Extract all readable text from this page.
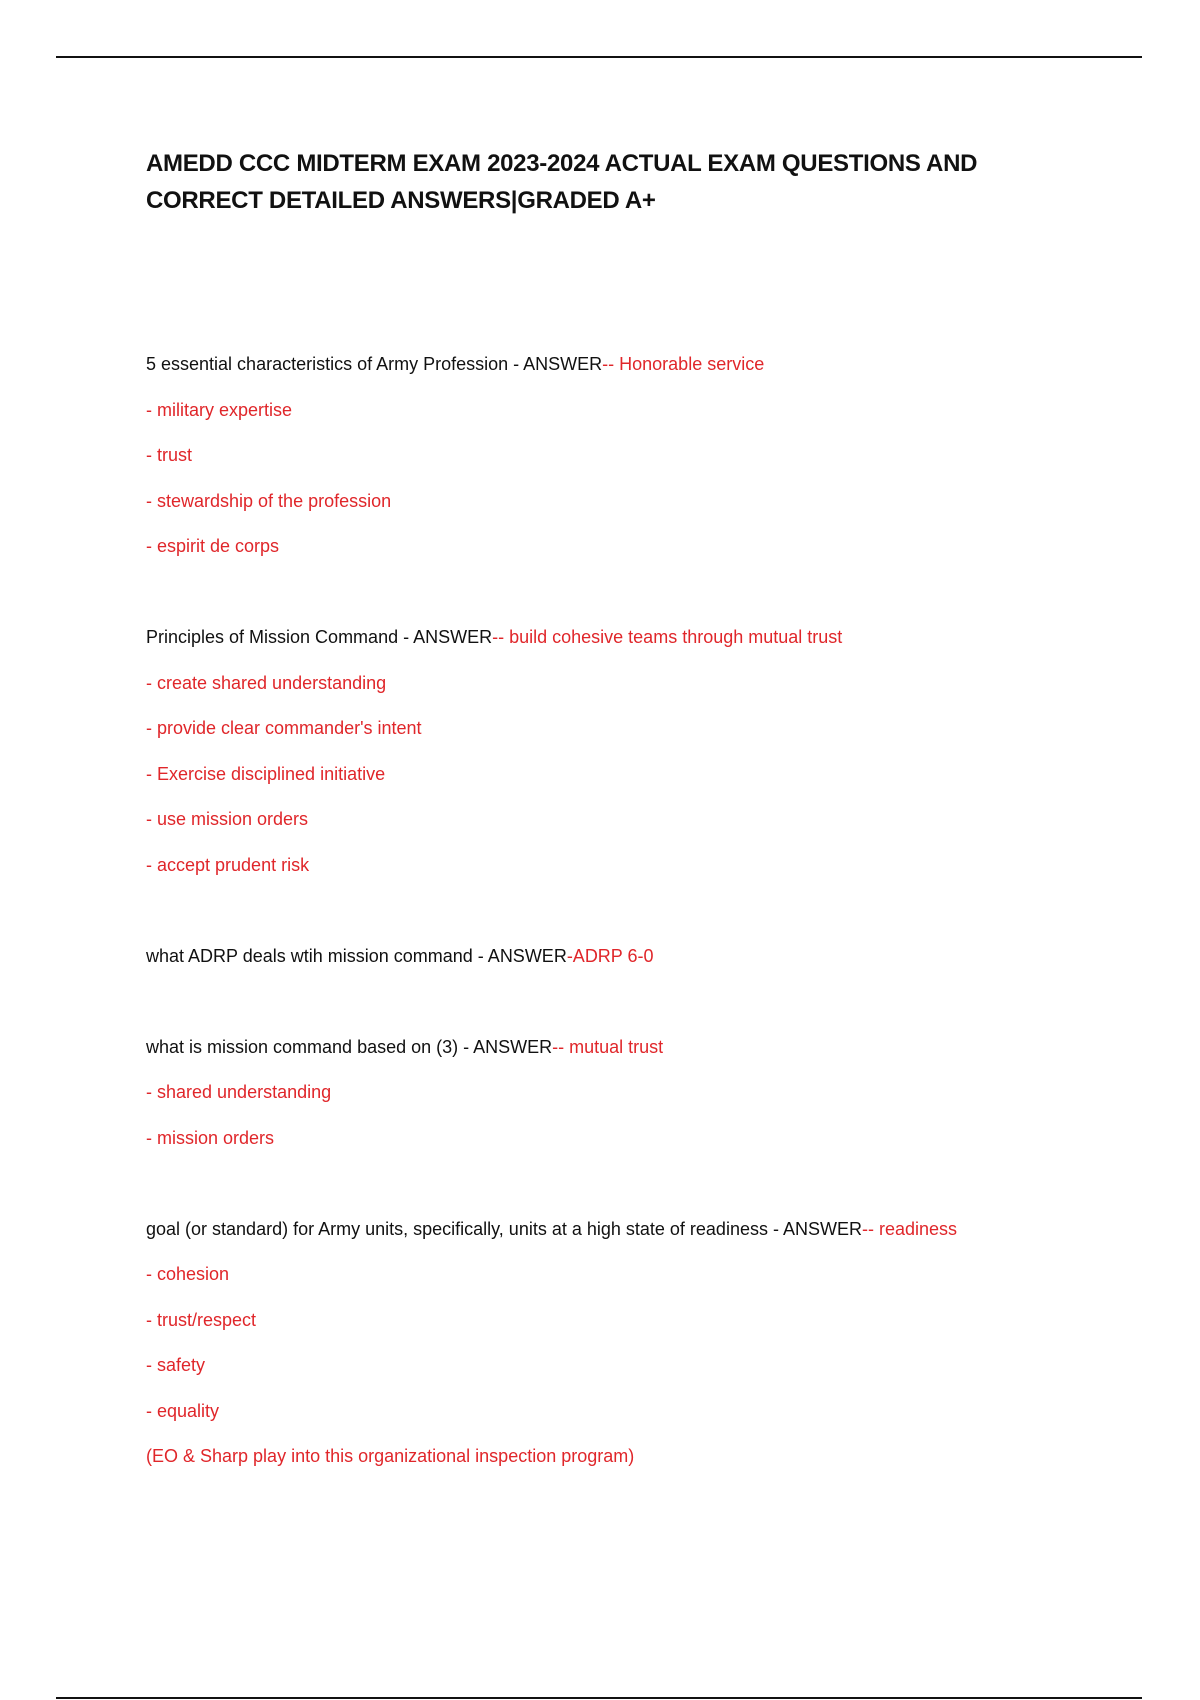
AMEDD CCC MIDTERM EXAM 2023-2024 ACTUAL EXAM QUESTIONS AND
CORRECT DETAILED ANSWERS|GRADED A+
5 essential characteristics of Army Profession - ANSWER-- Honorable service
- military expertise
- trust
- stewardship of the profession
- espirit de corps
Principles of Mission Command - ANSWER-- build cohesive teams through mutual trust
- create shared understanding
- provide clear commander's intent
- Exercise disciplined initiative
- use mission orders
- accept prudent risk
what ADRP deals wtih mission command - ANSWER-ADRP 6-0
what is mission command based on (3) - ANSWER-- mutual trust
- shared understanding
- mission orders
goal (or standard) for Army units, specifically, units at a high state of readiness - ANSWER-- readiness
- cohesion
- trust/respect
- safety
- equality
(EO & Sharp play into this organizational inspection program)
